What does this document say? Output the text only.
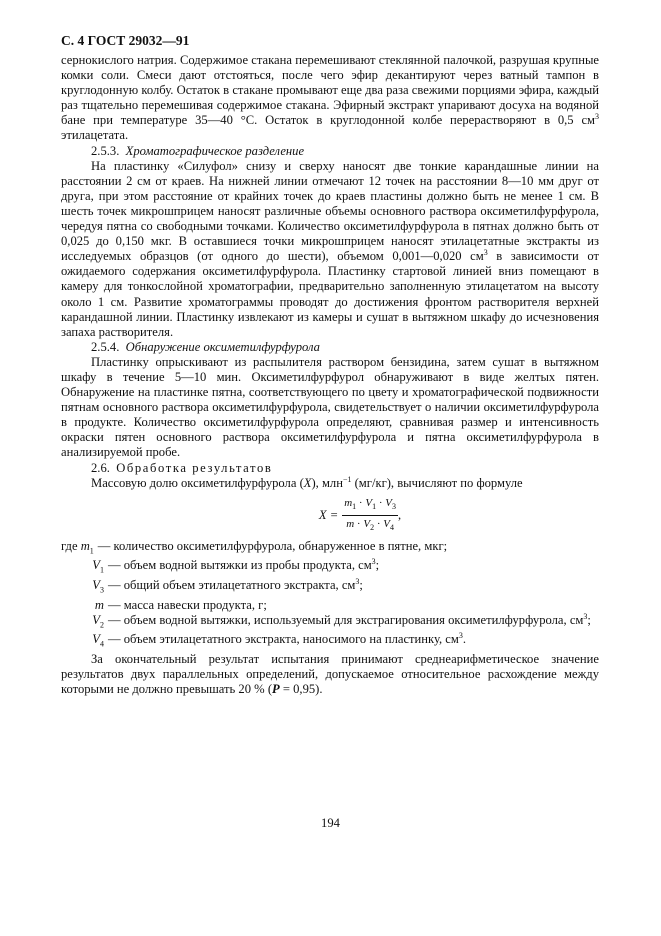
С. 4 ГОСТ 29032—91

сернокислого натрия. Содержимое стакана перемешивают стеклянной палочкой, разрушая крупные комки соли. Смеси дают отстояться, после чего эфир декантируют через ватный тампон в круглодонную колбу. Остаток в стакане промывают еще два раза свежими порциями эфира, каждый раз тщательно перемешивая содержимое стакана. Эфирный экстракт упаривают досуха на водяной бане при температуре 35—40 °С. Остаток в круглодонной колбе перерастворяют в 0,5 $см^3$ этилацетата.

2.5.3. Хроматографическое разделение

На пластинку «Силуфол» снизу и сверху наносят две тонкие карандашные линии на расстоянии 2 см от краев. На нижней линии отмечают 12 точек на расстоянии 8—10 мм друг от друга, при этом расстояние от крайних точек до краев пластины должно быть не менее 1 см. В шесть точек микрошприцем наносят различные объемы основного раствора оксиметилфурфурола, чередуя пятна со свободными точками. Количество оксиметилфурфурола в пятнах должно быть от 0,025 до 0,150 мкг. В оставшиеся точки микрошприцем наносят этилацетатные экстракты из исследуемых образцов (от одного до шести), объемом 0,001—0,020 $см^3$ в зависимости от ожидаемого содержания оксиметилфурфурола. Пластинку стартовой линией вниз помещают в камеру для тонкослойной хроматографии, предварительно заполненную этилацетатом на высоту около 1 см. Развитие хроматограммы проводят до достижения фронтом растворителя верхней карандашной линии. Пластинку извлекают из камеры и сушат в вытяжном шкафу до исчезновения запаха растворителя.

2.5.4. Обнаружение оксиметилфурфурола

Пластинку опрыскивают из распылителя раствором бензидина, затем сушат в вытяжном шкафу в течение 5—10 мин. Оксиметилфурфурол обнаруживают в виде желтых пятен. Обнаружение на пластинке пятна, соответствующего по цвету и хроматографической подвижности пятнам основного раствора оксиметилфурфурола, свидетельствует о наличии оксиметилфурфурола в продукте. Количество оксиметилфурфурола определяют, сравнивая размер и интенсивность окраски пятен основного раствора оксиметилфурфурола и пятна оксиметилфурфурола в анализируемой пробе.

2.6. Обработка результатов

Массовую долю оксиметилфурфурола (X), млн$^{-1}$ (мг/кг), вычисляют по формуле

$X = \frac{m_1 \cdot V_1 \cdot V_3}{m \cdot V_2 \cdot V_4}$ ,
где $m_1$ — количество оксиметилфурфурола, обнаруженное в пятне, мкг;
$V_1$ — объем водной вытяжки из пробы продукта, $см^3$;
$V_3$ — общий объем этилацетатного экстракта, $см^3$;
m — масса навески продукта, г;
$V_2$ — объем водной вытяжки, используемый для экстрагирования оксиметилфурфурола, $см^3$;
$V_4$ — объем этилацетатного экстракта, наносимого на пластинку, $см^3$.

За окончательный результат испытания принимают среднеарифметическое значение результатов двух параллельных определений, допускаемое относительное расхождение между которыми не должно превышать 20 % (P = 0,95).

194
